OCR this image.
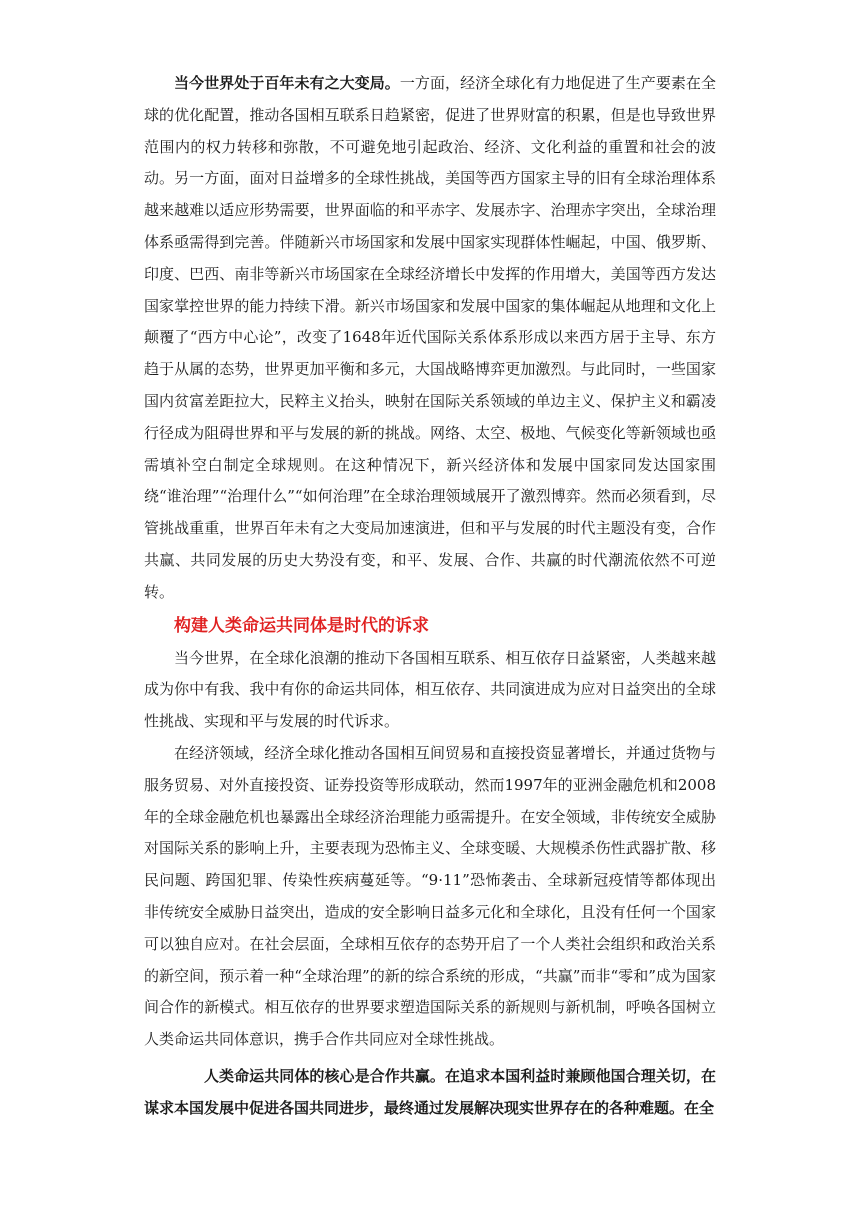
当今世界处于百年未有之大变局。一方面，经济全球化有力地促进了生产要素在全球的优化配置，推动各国相互联系日趋紧密，促进了世界财富的积累，但是也导致世界范围内的权力转移和弥散，不可避免地引起政治、经济、文化利益的重置和社会的波动。另一方面，面对日益增多的全球性挑战，美国等西方国家主导的旧有全球治理体系越来越难以适应形势需要，世界面临的和平赤字、发展赤字、治理赤字突出，全球治理体系亟需得到完善。伴随新兴市场国家和发展中国家实现群体性崛起，中国、俄罗斯、印度、巴西、南非等新兴市场国家在全球经济增长中发挥的作用增大，美国等西方发达国家掌控世界的能力持续下滑。新兴市场国家和发展中国家的集体崛起从地理和文化上颠覆了“西方中心论”，改变了1648年近代国际关系体系形成以来西方居于主导、东方趋于从属的态势，世界更加平衡和多元，大国战略博弈更加激烈。与此同时，一些国家国内贫富差距拉大，民粹主义抬头，映射在国际关系领域的单边主义、保护主义和霸凌行径成为阻碍世界和平与发展的新的挑战。网络、太空、极地、气候变化等新领域也亟需填补空白制定全球规则。在这种情况下，新兴经济体和发展中国家同发达国家围绕“谁治理”“治理什么”“如何治理”在全球治理领域展开了激烈博弈。然而必须看到，尽管挑战重重，世界百年未有之大变局加速演进，但和平与发展的时代主题没有变，合作共赢、共同发展的历史大势没有变，和平、发展、合作、共赢的时代潮流依然不可逆转。

构建人类命运共同体是时代的诉求

当今世界，在全球化浪潮的推动下各国相互联系、相互依存日益紧密，人类越来越成为你中有我、我中有你的命运共同体，相互依存、共同演进成为应对日益突出的全球性挑战、实现和平与发展的时代诉求。

在经济领域，经济全球化推动各国相互间贸易和直接投资显著增长，并通过货物与服务贸易、对外直接投资、证券投资等形成联动，然而1997年的亚洲金融危机和2008年的全球金融危机也暴露出全球经济治理能力亟需提升。在安全领域，非传统安全威胁对国际关系的影响上升，主要表现为恐怖主义、全球变暖、大规模杀伤性武器扩散、移民问题、跨国犯罪、传染性疾病蔓延等。“9·11”恐怖袭击、全球新冠疫情等都体现出非传统安全威胁日益突出，造成的安全影响日益多元化和全球化，且没有任何一个国家可以独自应对。在社会层面，全球相互依存的态势开启了一个人类社会组织和政治关系的新空间，预示着一种“全球治理”的新的综合系统的形成，“共赢”而非“零和”成为国家间合作的新模式。相互依存的世界要求塑造国际关系的新规则与新机制，呼唤各国树立人类命运共同体意识，携手合作共同应对全球性挑战。

人类命运共同体的核心是合作共赢。在追求本国利益时兼顾他国合理关切，在谋求本国发展中促进各国共同进步，最终通过发展解决现实世界存在的各种难题。在全
